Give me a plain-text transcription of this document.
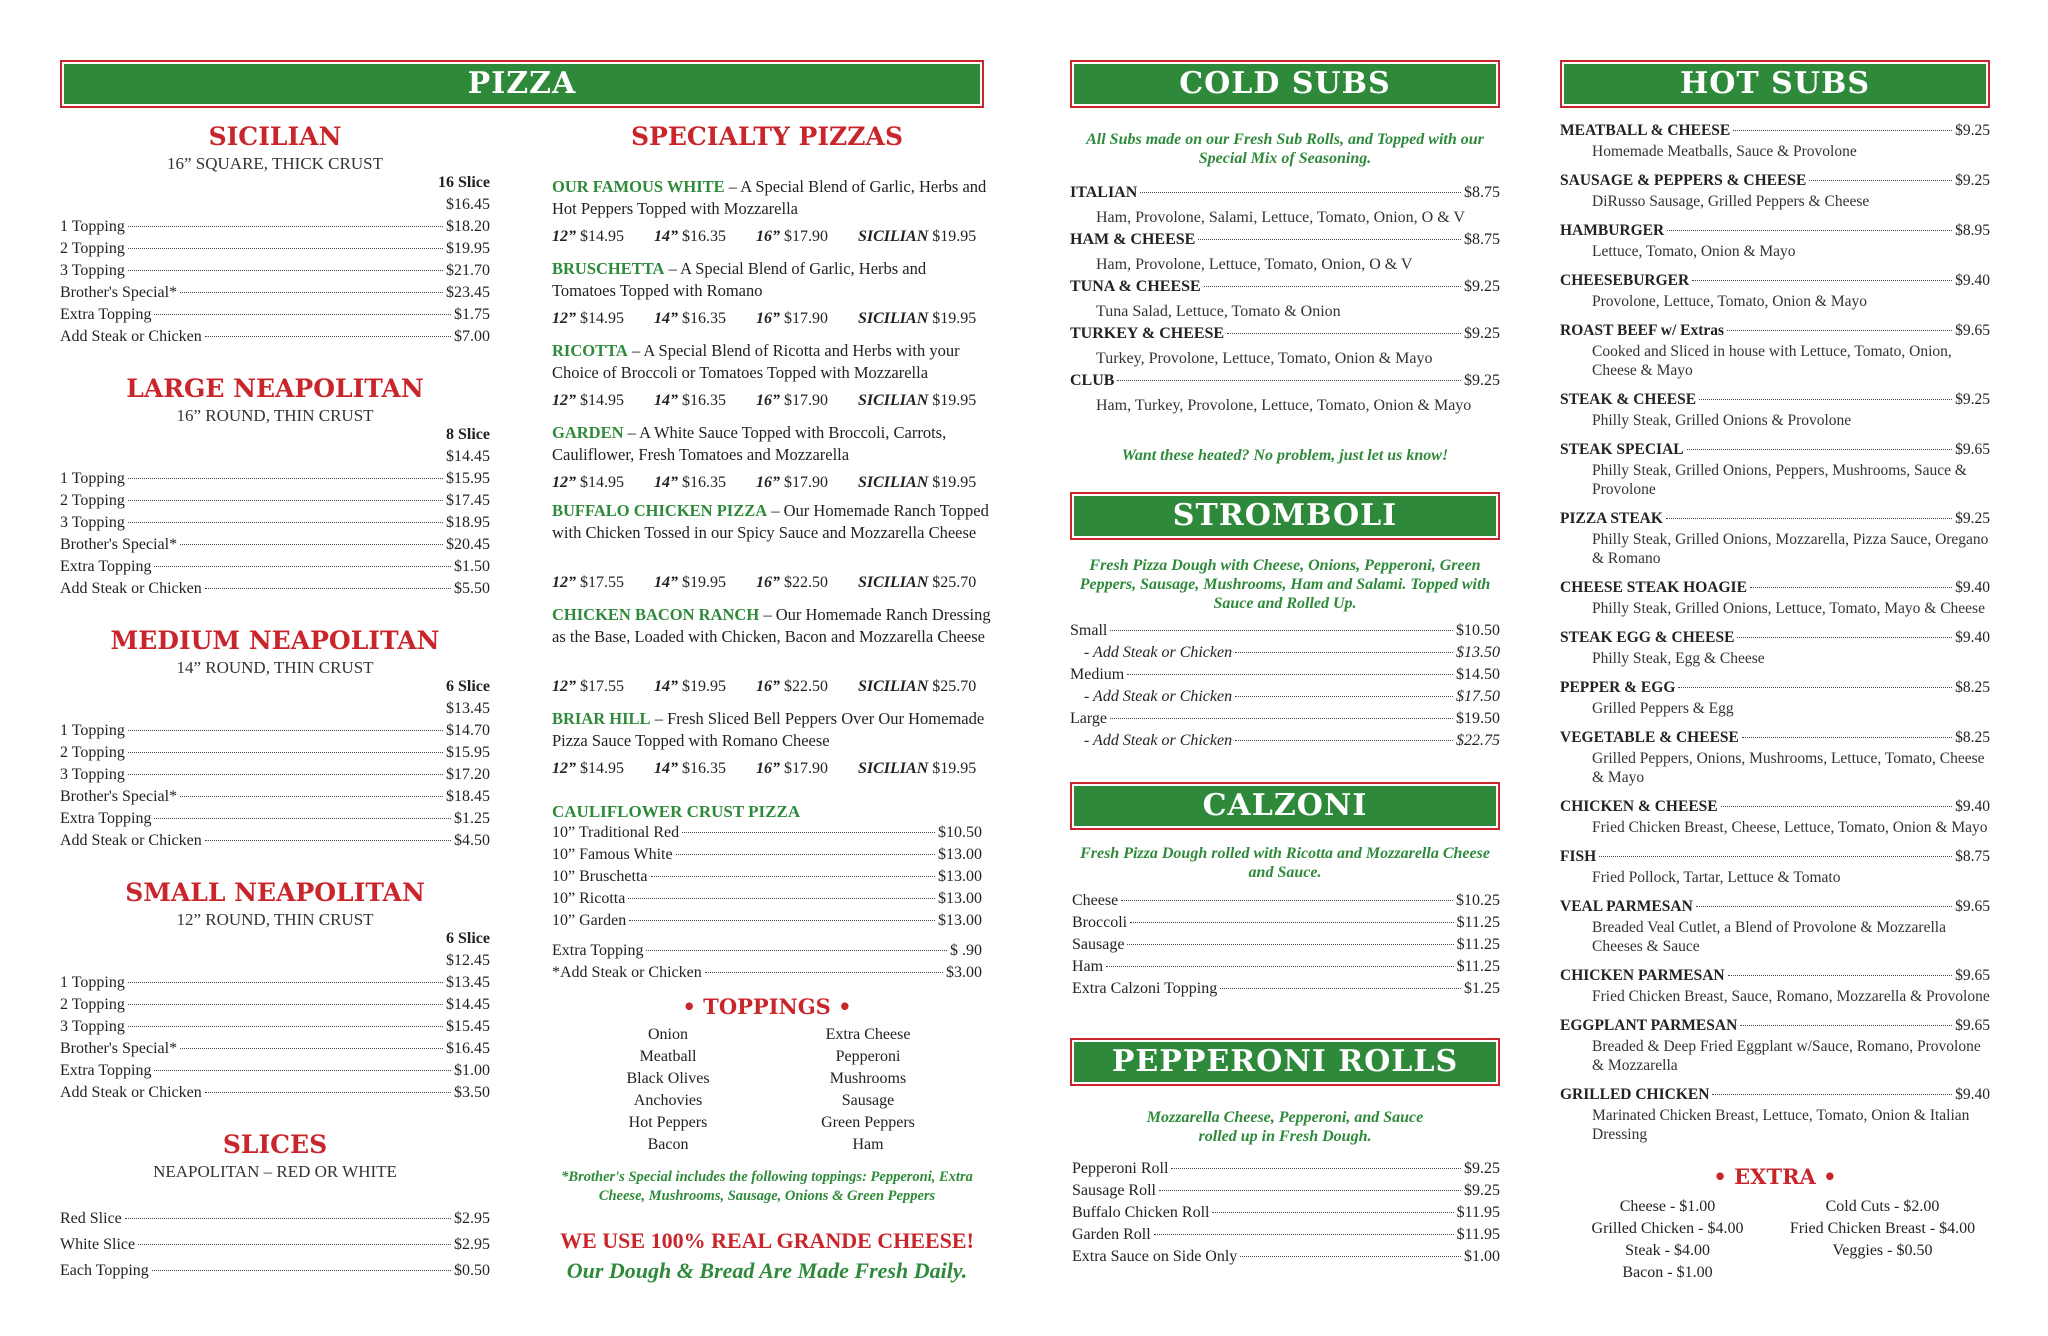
PIZZA
SICILIAN
16” SQUARE, THICK CRUST
16 Slice
$16.45
1 Topping	$18.20
2 Topping	$19.95
3 Topping	$21.70
Brother's Special*	$23.45
Extra Topping	$1.75
Add Steak or Chicken	$7.00
LARGE NEAPOLITAN
16” ROUND, THIN CRUST
8 Slice
$14.45
1 Topping	$15.95
2 Topping	$17.45
3 Topping	$18.95
Brother's Special*	$20.45
Extra Topping	$1.50
Add Steak or Chicken	$5.50
MEDIUM NEAPOLITAN
14” ROUND, THIN CRUST
6 Slice
$13.45
1 Topping	$14.70
2 Topping	$15.95
3 Topping	$17.20
Brother's Special*	$18.45
Extra Topping	$1.25
Add Steak or Chicken	$4.50
SMALL NEAPOLITAN
12” ROUND, THIN CRUST
6 Slice
$12.45
1 Topping	$13.45
2 Topping	$14.45
3 Topping	$15.45
Brother's Special*	$16.45
Extra Topping	$1.00
Add Steak or Chicken	$3.50
SLICES
NEAPOLITAN – RED OR WHITE
Red Slice	$2.95
White Slice	$2.95
Each Topping	$0.50
SPECIALTY PIZZAS
OUR FAMOUS WHITE – A Special Blend of Garlic, Herbs and Hot Peppers Topped with Mozzarella
12” $14.95	14” $16.35	16” $17.90	SICILIAN $19.95
BRUSCHETTA – A Special Blend of Garlic, Herbs and Tomatoes Topped with Romano
12” $14.95	14” $16.35	16” $17.90	SICILIAN $19.95
RICOTTA – A Special Blend of Ricotta and Herbs with your Choice of Broccoli or Tomatoes Topped with Mozzarella
12” $14.95	14” $16.35	16” $17.90	SICILIAN $19.95
GARDEN – A White Sauce Topped with Broccoli, Carrots, Cauliflower, Fresh Tomatoes and Mozzarella
12” $14.95	14” $16.35	16” $17.90	SICILIAN $19.95
BUFFALO CHICKEN PIZZA – Our Homemade Ranch Topped with Chicken Tossed in our Spicy Sauce and Mozzarella Cheese
12” $17.55	14” $19.95	16” $22.50	SICILIAN $25.70
CHICKEN BACON RANCH – Our Homemade Ranch Dressing as the Base, Loaded with Chicken, Bacon and Mozzarella Cheese
12” $17.55	14” $19.95	16” $22.50	SICILIAN $25.70
BRIAR HILL – Fresh Sliced Bell Peppers Over Our Homemade Pizza Sauce Topped with Romano Cheese
12” $14.95	14” $16.35	16” $17.90	SICILIAN $19.95
CAULIFLOWER CRUST PIZZA
10” Traditional Red	$10.50
10” Famous White	$13.00
10” Bruschetta	$13.00
10” Ricotta	$13.00
10” Garden	$13.00
Extra Topping	$ .90
*Add Steak or Chicken	$3.00
• TOPPINGS •
Onion	Extra Cheese
Meatball	Pepperoni
Black Olives	Mushrooms
Anchovies	Sausage
Hot Peppers	Green Peppers
Bacon	Ham
*Brother's Special includes the following toppings: Pepperoni, Extra Cheese, Mushrooms, Sausage, Onions & Green Peppers
WE USE 100% REAL GRANDE CHEESE!
Our Dough & Bread Are Made Fresh Daily.
COLD SUBS
All Subs made on our Fresh Sub Rolls, and Topped with our Special Mix of Seasoning.
ITALIAN	$8.75
Ham, Provolone, Salami, Lettuce, Tomato, Onion, O & V
HAM & CHEESE	$8.75
Ham, Provolone, Lettuce, Tomato, Onion, O & V
TUNA & CHEESE	$9.25
Tuna Salad, Lettuce, Tomato & Onion
TURKEY & CHEESE	$9.25
Turkey, Provolone, Lettuce, Tomato, Onion & Mayo
CLUB	$9.25
Ham, Turkey, Provolone, Lettuce, Tomato, Onion & Mayo
Want these heated? No problem, just let us know!
STROMBOLI
Fresh Pizza Dough with Cheese, Onions, Pepperoni, Green Peppers, Sausage, Mushrooms, Ham and Salami. Topped with Sauce and Rolled Up.
Small	$10.50
- Add Steak or Chicken	$13.50
Medium	$14.50
- Add Steak or Chicken	$17.50
Large	$19.50
- Add Steak or Chicken	$22.75
CALZONI
Fresh Pizza Dough rolled with Ricotta and Mozzarella Cheese and Sauce.
Cheese	$10.25
Broccoli	$11.25
Sausage	$11.25
Ham	$11.25
Extra Calzoni Topping	$1.25
PEPPERONI ROLLS
Mozzarella Cheese, Pepperoni, and Sauce rolled up in Fresh Dough.
Pepperoni Roll	$9.25
Sausage Roll	$9.25
Buffalo Chicken Roll	$11.95
Garden Roll	$11.95
Extra Sauce on Side Only	$1.00
HOT SUBS
MEATBALL & CHEESE	$9.25
Homemade Meatballs, Sauce & Provolone
SAUSAGE & PEPPERS & CHEESE	$9.25
DiRusso Sausage, Grilled Peppers & Cheese
HAMBURGER	$8.95
Lettuce, Tomato, Onion & Mayo
CHEESEBURGER	$9.40
Provolone, Lettuce, Tomato, Onion & Mayo
ROAST BEEF w/ Extras	$9.65
Cooked and Sliced in house with Lettuce, Tomato, Onion, Cheese & Mayo
STEAK & CHEESE	$9.25
Philly Steak, Grilled Onions & Provolone
STEAK SPECIAL	$9.65
Philly Steak, Grilled Onions, Peppers, Mushrooms, Sauce & Provolone
PIZZA STEAK	$9.25
Philly Steak, Grilled Onions, Mozzarella, Pizza Sauce, Oregano & Romano
CHEESE STEAK HOAGIE	$9.40
Philly Steak, Grilled Onions, Lettuce, Tomato, Mayo & Cheese
STEAK EGG & CHEESE	$9.40
Philly Steak, Egg & Cheese
PEPPER & EGG	$8.25
Grilled Peppers & Egg
VEGETABLE & CHEESE	$8.25
Grilled Peppers, Onions, Mushrooms, Lettuce, Tomato, Cheese & Mayo
CHICKEN & CHEESE	$9.40
Fried Chicken Breast, Cheese, Lettuce, Tomato, Onion & Mayo
FISH	$8.75
Fried Pollock, Tartar, Lettuce & Tomato
VEAL PARMESAN	$9.65
Breaded Veal Cutlet, a Blend of Provolone & Mozzarella Cheeses & Sauce
CHICKEN PARMESAN	$9.65
Fried Chicken Breast, Sauce, Romano, Mozzarella & Provolone
EGGPLANT PARMESAN	$9.65
Breaded & Deep Fried Eggplant w/Sauce, Romano, Provolone & Mozzarella
GRILLED CHICKEN	$9.40
Marinated Chicken Breast, Lettuce, Tomato, Onion & Italian Dressing
• EXTRA •
Cheese - $1.00	Cold Cuts - $2.00
Grilled Chicken - $4.00	Fried Chicken Breast - $4.00
Steak - $4.00	Veggies - $0.50
Bacon - $1.00
